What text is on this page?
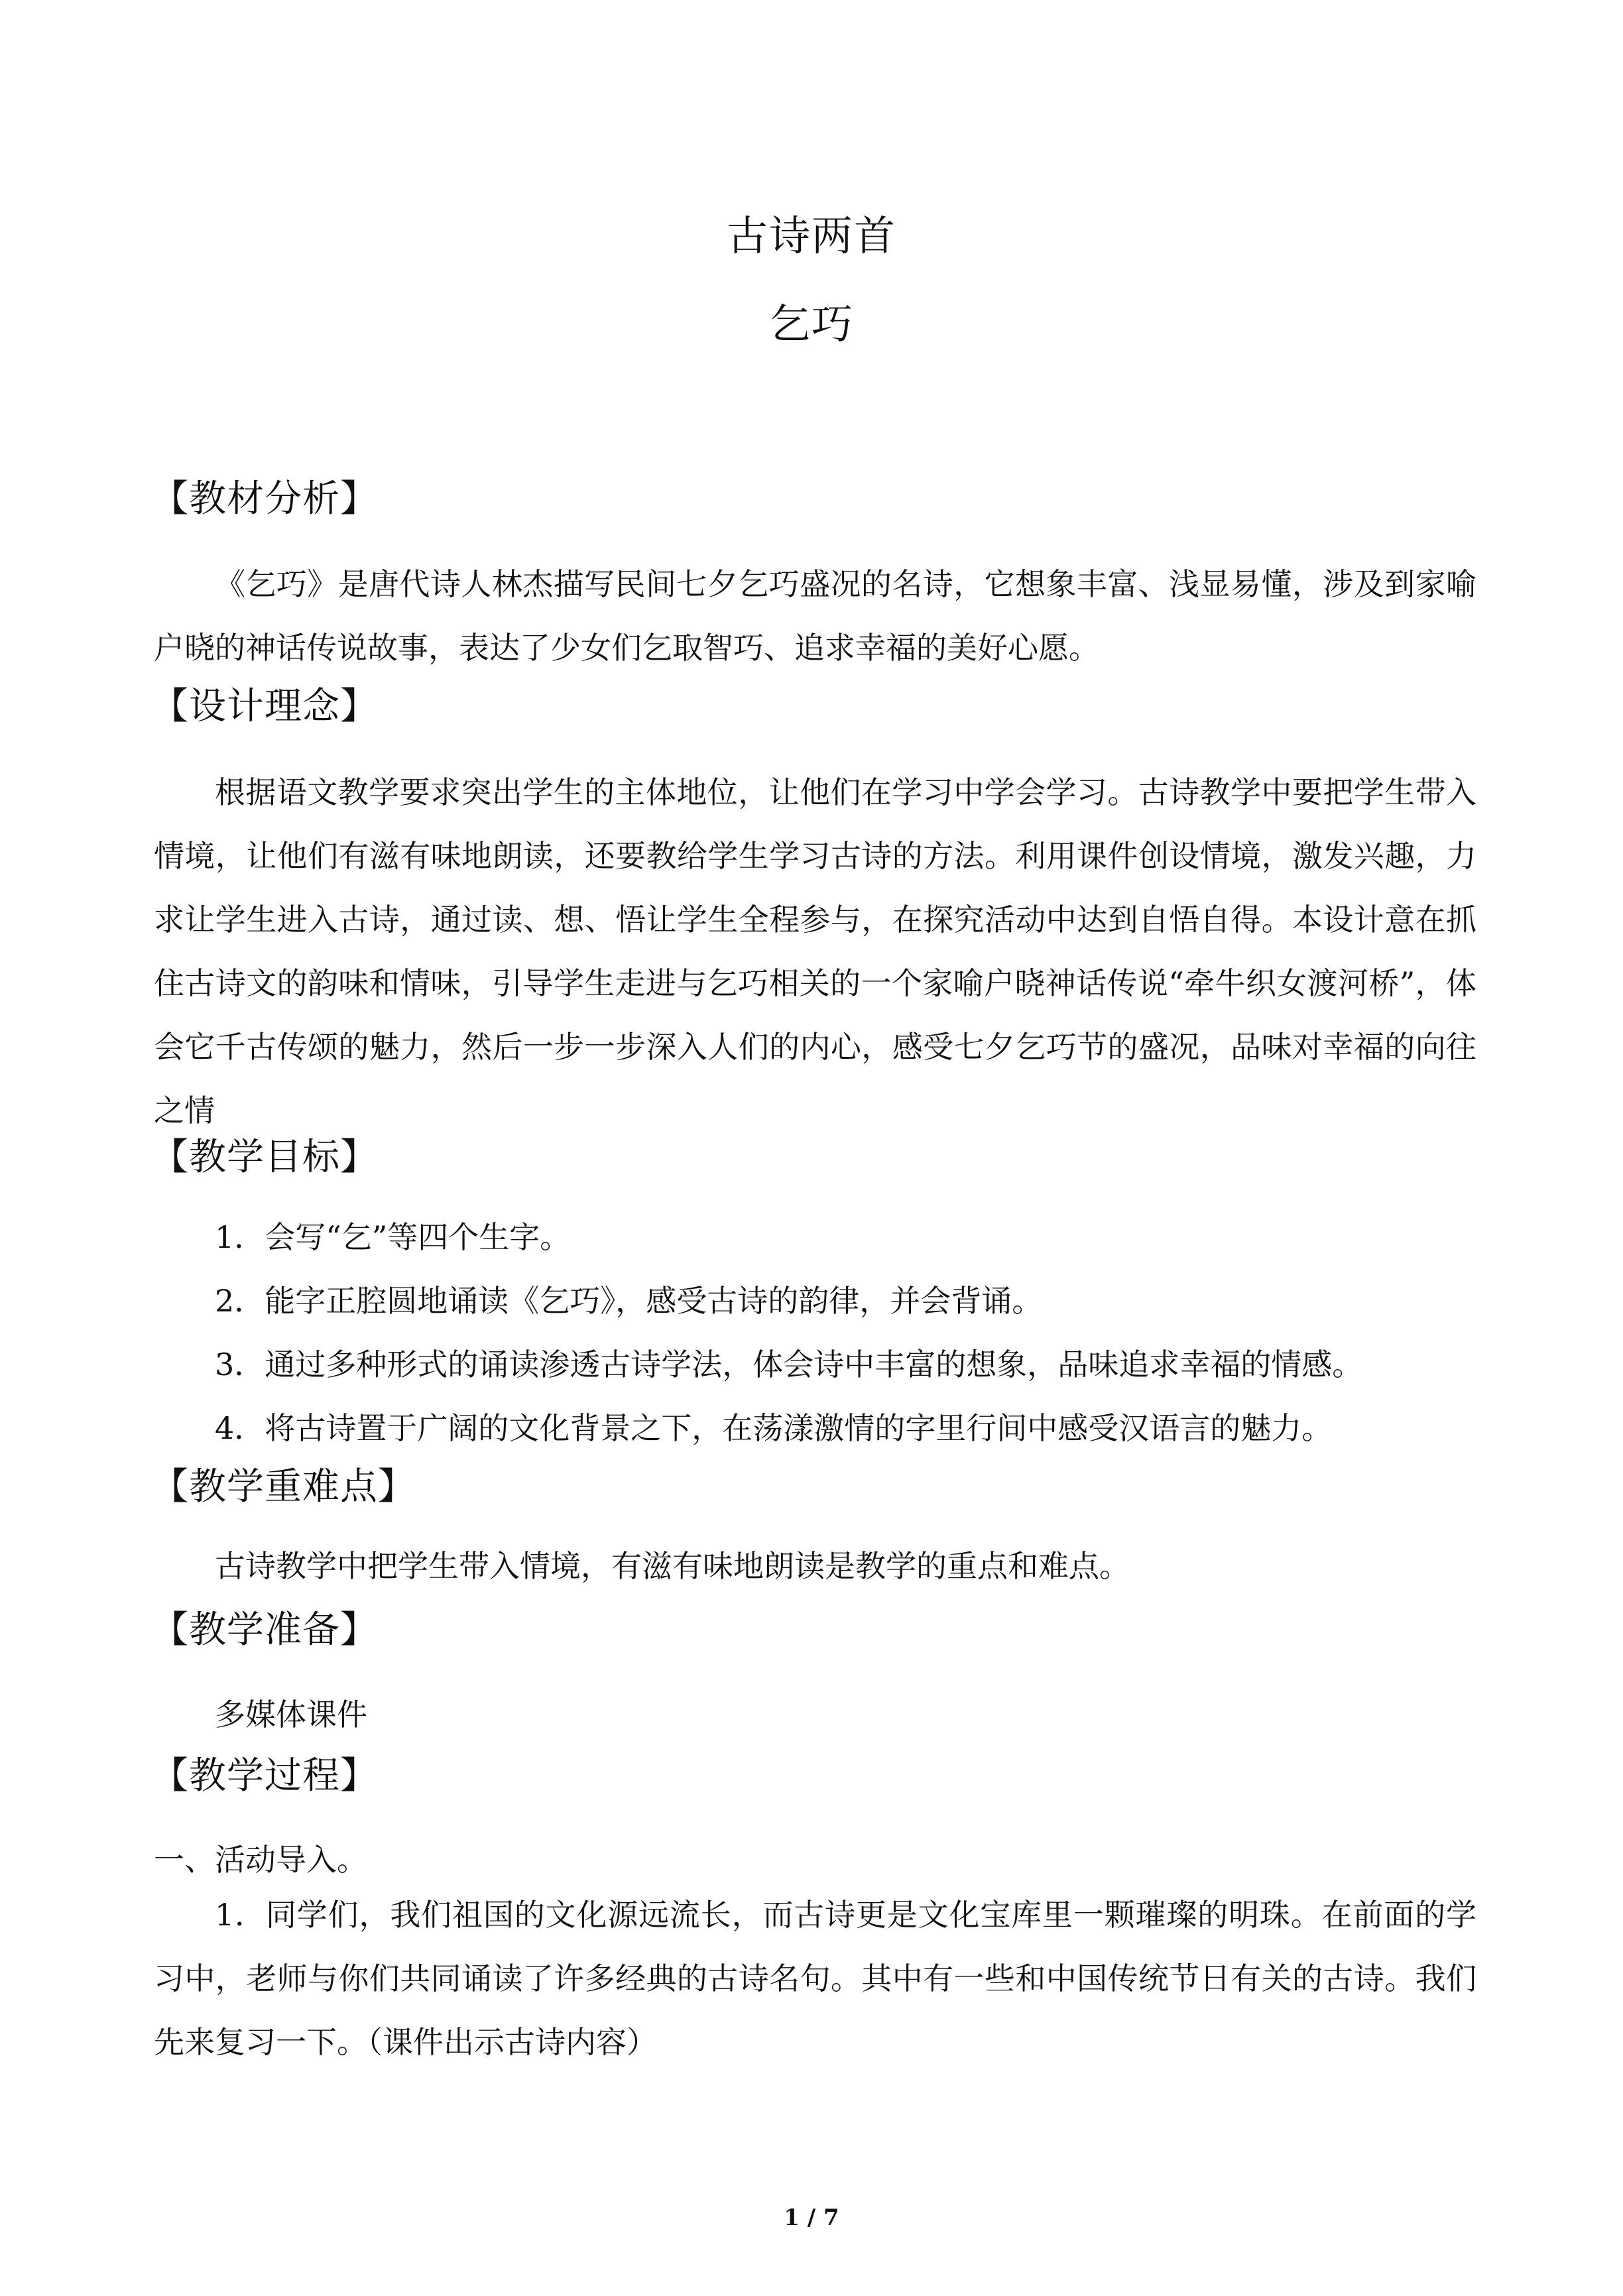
古诗两首
乞巧
【教材分析】

《乞巧》是唐代诗人林杰描写民间七夕乞巧盛况的名诗，它想象丰富、浅显易懂，涉及到家喻户晓的神话传说故事，表达了少女们乞取智巧、追求幸福的美好心愿。

【设计理念】

根据语文教学要求突出学生的主体地位，让他们在学习中学会学习。古诗教学中要把学生带入情境，让他们有滋有味地朗读，还要教给学生学习古诗的方法。利用课件创设情境，激发兴趣，力求让学生进入古诗，通过读、想、悟让学生全程参与，在探究活动中达到自悟自得。本设计意在抓住古诗文的韵味和情味，引导学生走进与乞巧相关的一个家喻户晓神话传说“牵牛织女渡河桥”，体会它千古传颂的魅力，然后一步一步深入人们的内心，感受七夕乞巧节的盛况，品味对幸福的向往之情

【教学目标】
1．会写“乞”等四个生字。
2．能字正腔圆地诵读《乞巧》，感受古诗的韵律，并会背诵。
3．通过多种形式的诵读渗透古诗学法，体会诗中丰富的想象，品味追求幸福的情感。
4．将古诗置于广阔的文化背景之下，在荡漾激情的字里行间中感受汉语言的魅力。
【教学重难点】
古诗教学中把学生带入情境，有滋有味地朗读是教学的重点和难点。
【教学准备】
多媒体课件
【教学过程】
一、活动导入。

1．同学们，我们祖国的文化源远流长，而古诗更是文化宝库里一颗璀璨的明珠。在前面的学习中，老师与你们共同诵读了许多经典的古诗名句。其中有一些和中国传统节日有关的古诗。我们先来复习一下。（课件出示古诗内容）

1 / 7
